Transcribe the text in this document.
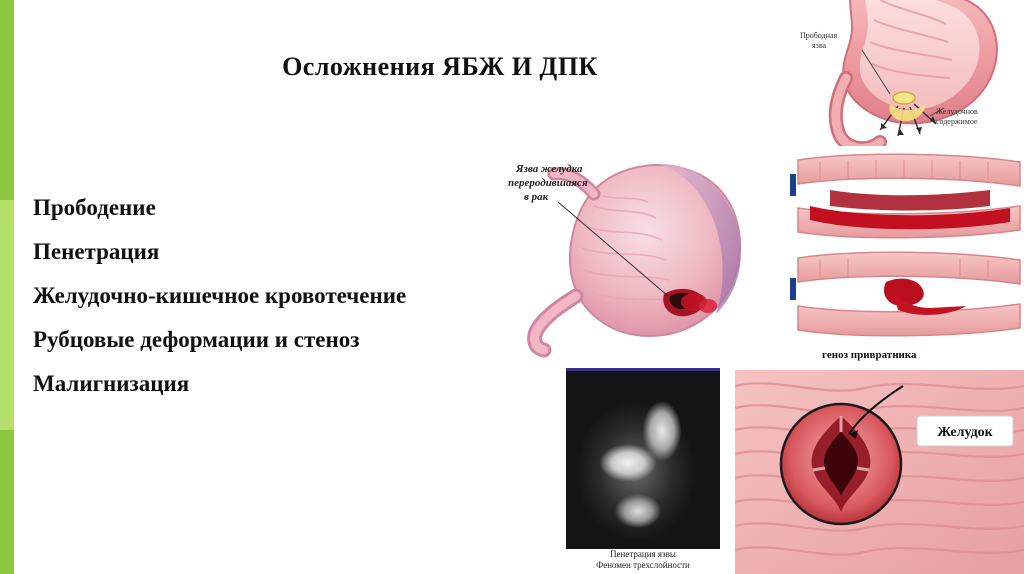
Осложнения ЯБЖ И ДПК
Прободение
Пенетрация
Желудочно-кишечное кровотечение
Рубцовые деформации и стеноз
Малигнизация
Прободная
язва
Желудочнов
содержимое
Язва желудка
переродившаяся
в рак
геноз привратника
Желудок
Пенетрация язвы
Феномен трехслойности
